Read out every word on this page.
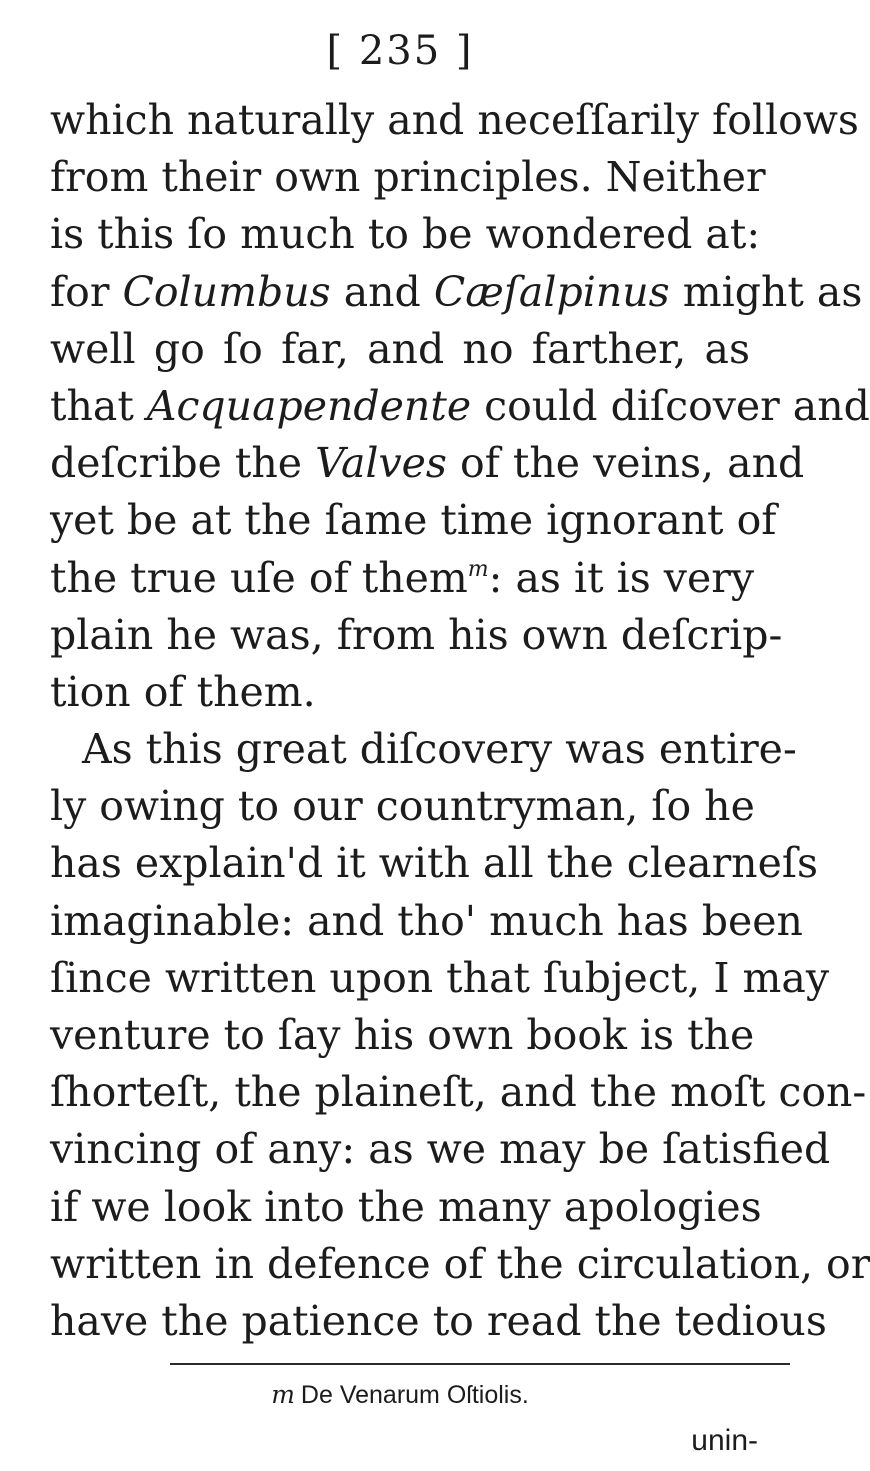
[ 235 ]
which naturally and neceſſarily follows
from their own principles. Neither
is this ſo much to be wondered at:
for Columbus and Cæſalpinus might as
well go ſo far, and no farther, as
that Acquapendente could diſcover and
deſcribe the Valves of the veins, and
yet be at the ſame time ignorant of
the true uſe of them$^m$: as it is very
plain he was, from his own deſcrip-
tion of them.
As this great diſcovery was entire-
ly owing to our countryman, ſo he
has explain'd it with all the clearneſs
imaginable: and tho' much has been
ſince written upon that ſubject, I may
venture to ſay his own book is the
ſhorteſt, the plaineſt, and the moſt con-
vincing of any: as we may be ſatisfied
if we look into the many apologies
written in defence of the circulation, or
have the patience to read the tedious
m De Venarum Oſtiolis.
unin-
